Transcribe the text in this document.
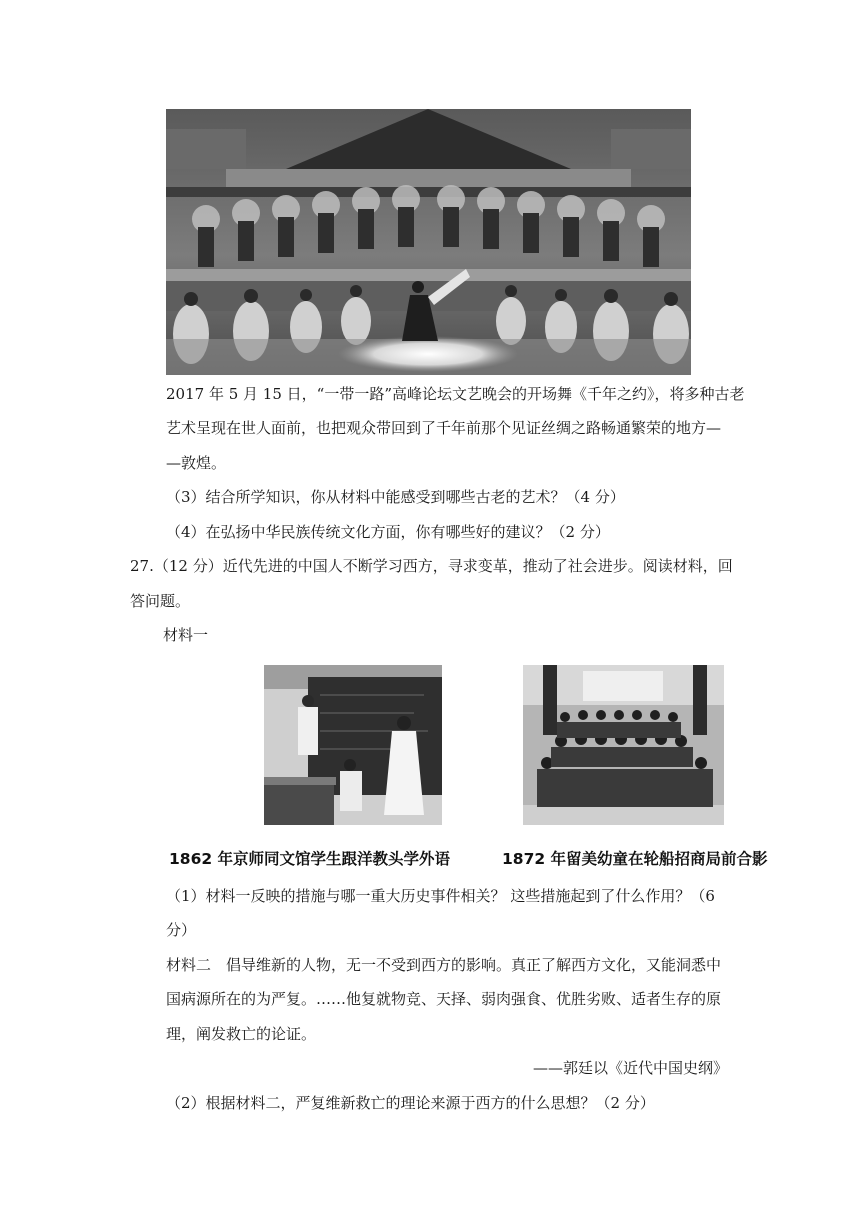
2017 年 5 月 15 日，“一带一路”高峰论坛文艺晚会的开场舞《千年之约》，将多种古老
艺术呈现在世人面前，也把观众带回到了千年前那个见证丝绸之路畅通繁荣的地方—
—敦煌。
（3）结合所学知识，你从材料中能感受到哪些古老的艺术？（4 分）
（4）在弘扬中华民族传统文化方面，你有哪些好的建议？（2 分）
27.（12 分）近代先进的中国人不断学习西方，寻求变革，推动了社会进步。阅读材料，回
答问题。
材料一
1862 年京师同文馆学生跟洋教头学外语	1872 年留美幼童在轮船招商局前合影
（1）材料一反映的措施与哪一重大历史事件相关？ 这些措施起到了什么作用？（6
分）
材料二　倡导维新的人物，无一不受到西方的影响。真正了解西方文化，又能洞悉中
国病源所在的为严复。……他复就物竞、天择、弱肉强食、优胜劣败、适者生存的原
理，阐发救亡的论证。
——郭廷以《近代中国史纲》
（2）根据材料二，严复维新救亡的理论来源于西方的什么思想？（2 分）
